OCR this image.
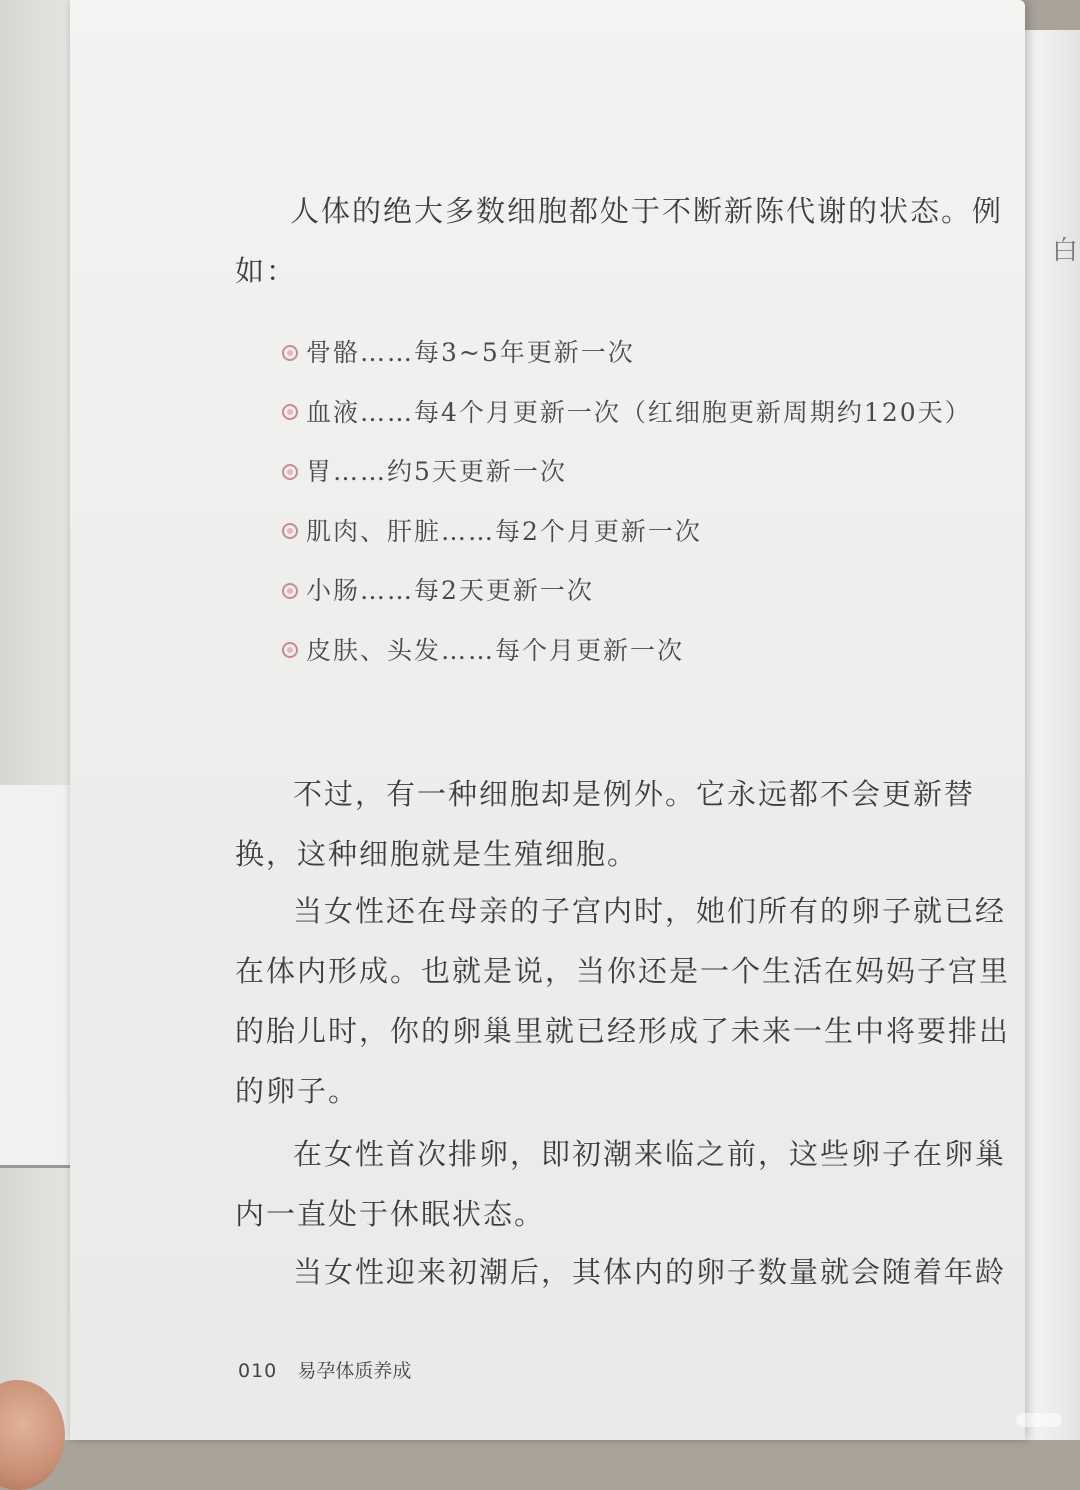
白

人体的绝大多数细胞都处于不断新陈代谢的状态。例如：

骨骼……每3~5年更新一次
血液……每4个月更新一次（红细胞更新周期约120天）
胃……约5天更新一次
肌肉、肝脏……每2个月更新一次
小肠……每2天更新一次
皮肤、头发……每个月更新一次

不过，有一种细胞却是例外。它永远都不会更新替换，这种细胞就是生殖细胞。

当女性还在母亲的子宫内时，她们所有的卵子就已经在体内形成。也就是说，当你还是一个生活在妈妈子宫里的胎儿时，你的卵巢里就已经形成了未来一生中将要排出的卵子。

在女性首次排卵，即初潮来临之前，这些卵子在卵巢内一直处于休眠状态。

当女性迎来初潮后，其体内的卵子数量就会随着年龄

010 易孕体质养成
